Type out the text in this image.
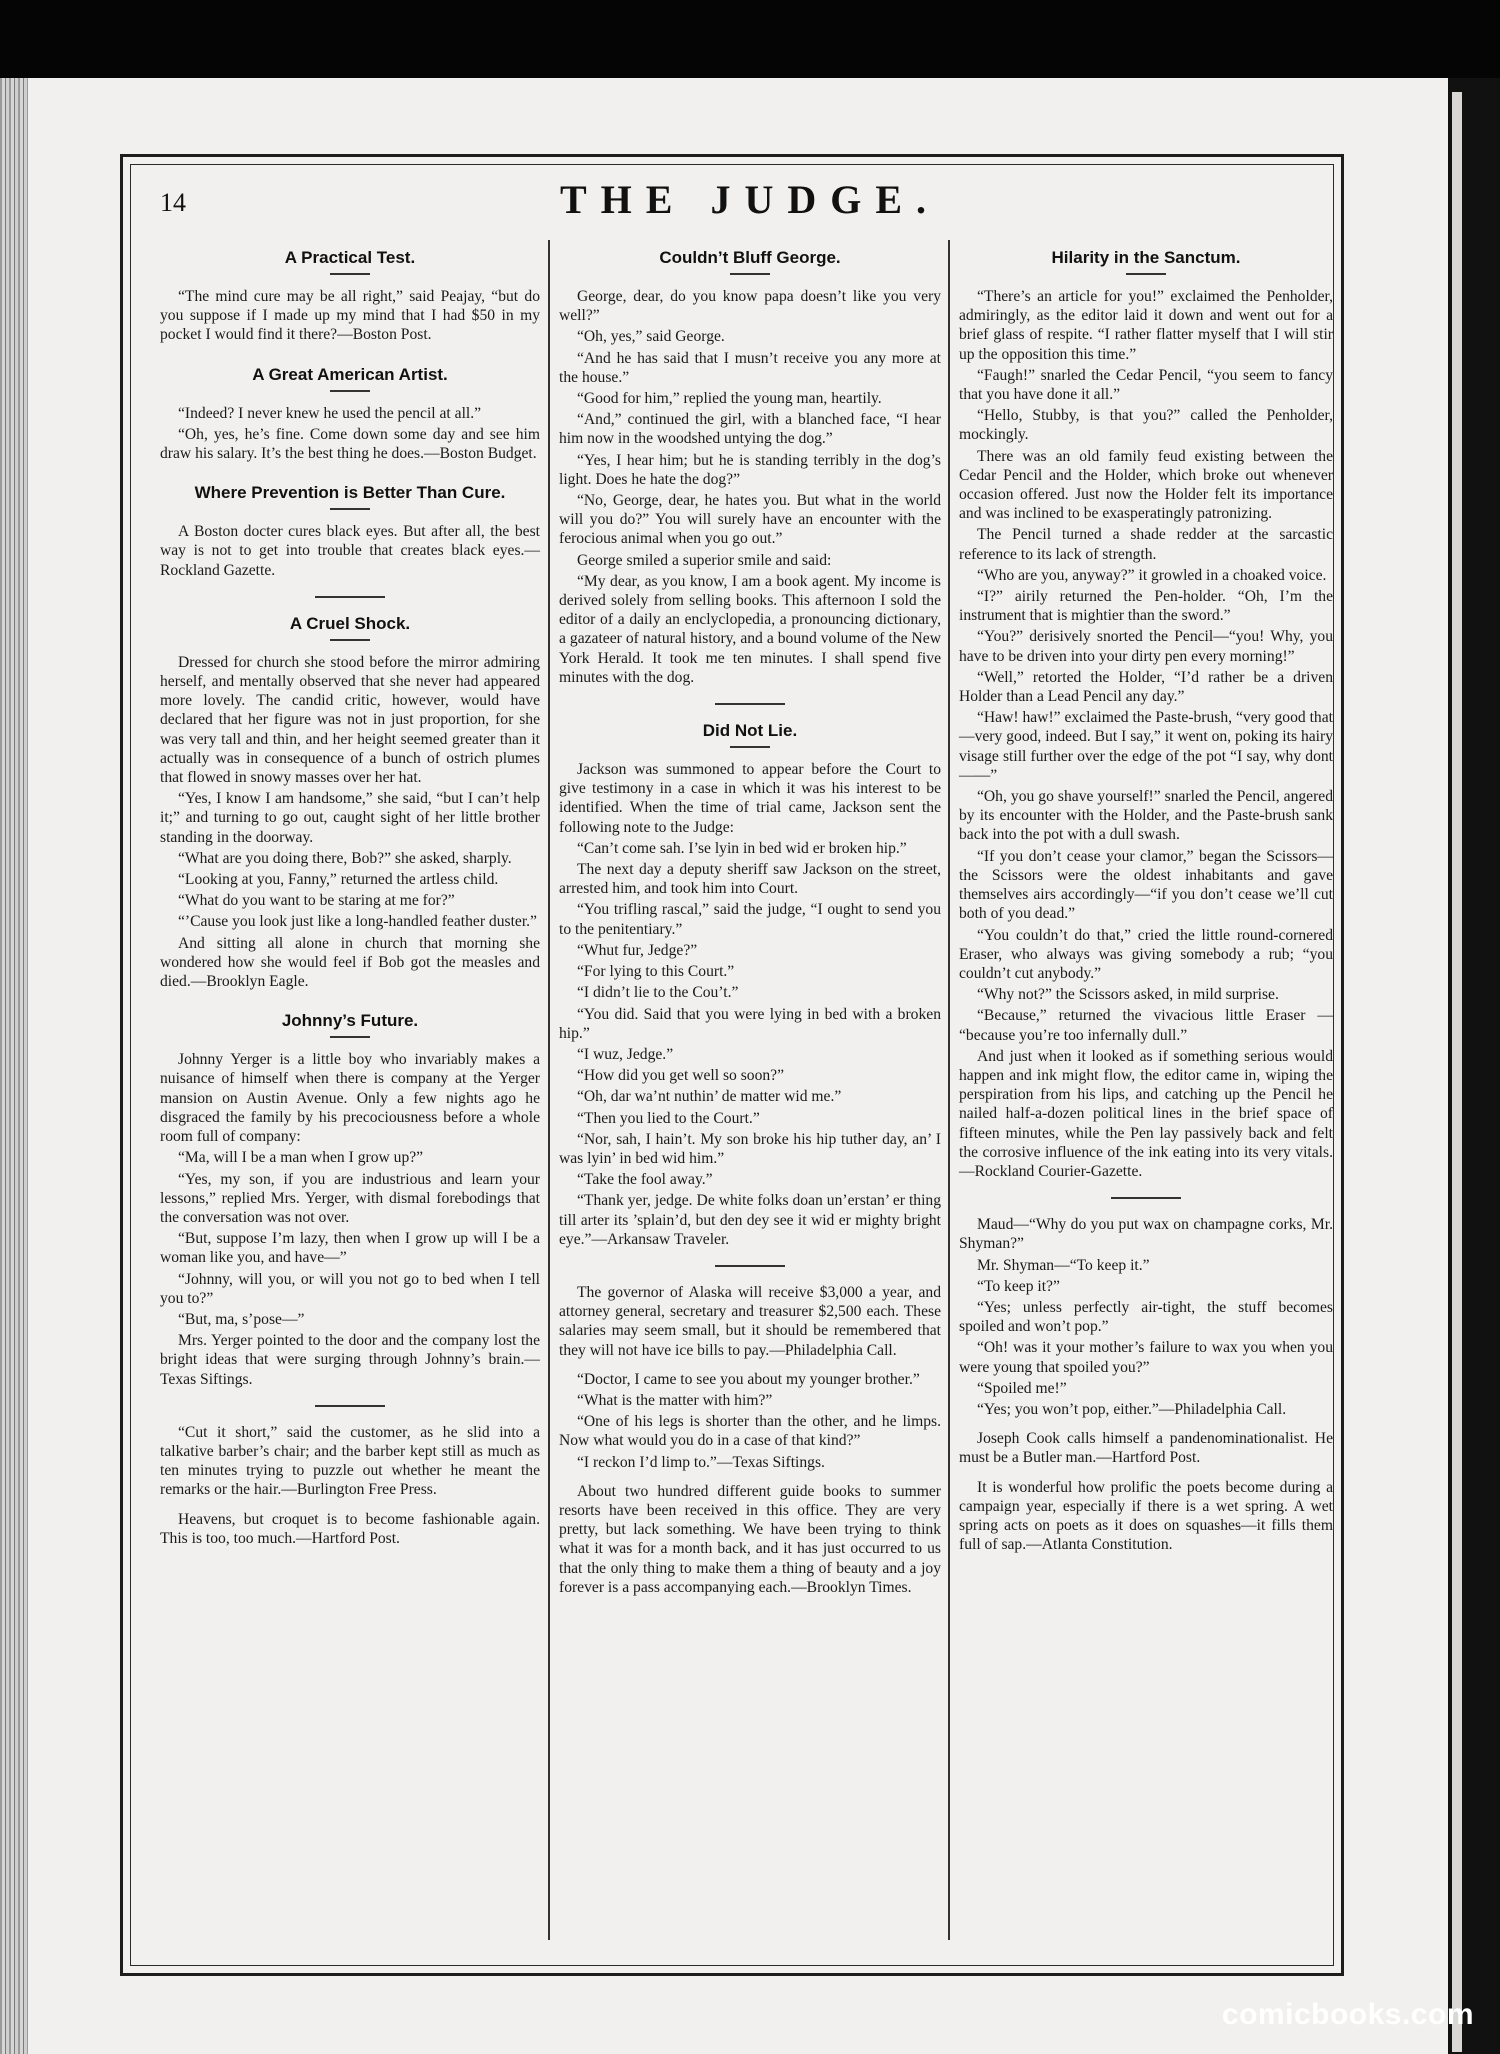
14	THE JUDGE.
A Practical Test.

“The mind cure may be all right,” said Peajay, “but do you suppose if I made up my mind that I had $50 in my pocket I would find it there?—Boston Post.

A Great American Artist.

“Indeed? I never knew he used the pencil at all.”

“Oh, yes, he’s fine. Come down some day and see him draw his salary. It’s the best thing he does.—Boston Budget.

Where Prevention is Better Than Cure.

A Boston docter cures black eyes. But after all, the best way is not to get into trouble that creates black eyes.—Rockland Gazette.

A Cruel Shock.

Dressed for church she stood before the mirror admiring herself, and mentally observed that she never had appeared more lovely. The candid critic, however, would have declared that her figure was not in just proportion, for she was very tall and thin, and her height seemed greater than it actually was in consequence of a bunch of ostrich plumes that flowed in snowy masses over her hat.

“Yes, I know I am handsome,” she said, “but I can’t help it;” and turning to go out, caught sight of her little brother standing in the doorway.

“What are you doing there, Bob?” she asked, sharply.

“Looking at you, Fanny,” returned the artless child.

“What do you want to be staring at me for?”

“’Cause you look just like a long-handled feather duster.”

And sitting all alone in church that morning she wondered how she would feel if Bob got the measles and died.—Brooklyn Eagle.

Johnny’s Future.

Johnny Yerger is a little boy who invariably makes a nuisance of himself when there is company at the Yerger mansion on Austin Avenue. Only a few nights ago he disgraced the family by his precociousness before a whole room full of company:

“Ma, will I be a man when I grow up?”

“Yes, my son, if you are industrious and learn your lessons,” replied Mrs. Yerger, with dismal forebodings that the conversation was not over.

“But, suppose I’m lazy, then when I grow up will I be a woman like you, and have—”

“Johnny, will you, or will you not go to bed when I tell you to?”

“But, ma, s’pose—”

Mrs. Yerger pointed to the door and the company lost the bright ideas that were surging through Johnny’s brain.—Texas Siftings.

“Cut it short,” said the customer, as he slid into a talkative barber’s chair; and the barber kept still as much as ten minutes trying to puzzle out whether he meant the remarks or the hair.—Burlington Free Press.

Heavens, but croquet is to become fashionable again. This is too, too much.—Hartford Post.

Couldn’t Bluff George.

George, dear, do you know papa doesn’t like you very well?”

“Oh, yes,” said George.

“And he has said that I musn’t receive you any more at the house.”

“Good for him,” replied the young man, heartily.

“And,” continued the girl, with a blanched face, “I hear him now in the woodshed untying the dog.”

“Yes, I hear him; but he is standing terribly in the dog’s light. Does he hate the dog?”

“No, George, dear, he hates you. But what in the world will you do?” You will surely have an encounter with the ferocious animal when you go out.”

George smiled a superior smile and said:

“My dear, as you know, I am a book agent. My income is derived solely from selling books. This afternoon I sold the editor of a daily an enclyclopedia, a pronouncing dictionary, a gazateer of natural history, and a bound volume of the New York Herald. It took me ten minutes. I shall spend five minutes with the dog.

Did Not Lie.

Jackson was summoned to appear before the Court to give testimony in a case in which it was his interest to be identified. When the time of trial came, Jackson sent the following note to the Judge:

“Can’t come sah. I’se lyin in bed wid er broken hip.”

The next day a deputy sheriff saw Jackson on the street, arrested him, and took him into Court.

“You trifling rascal,” said the judge, “I ought to send you to the penitentiary.”

“Whut fur, Jedge?”

“For lying to this Court.”

“I didn’t lie to the Cou’t.”

“You did. Said that you were lying in bed with a broken hip.”

“I wuz, Jedge.”

“How did you get well so soon?”

“Oh, dar wa’nt nuthin’ de matter wid me.”

“Then you lied to the Court.”

“Nor, sah, I hain’t. My son broke his hip tuther day, an’ I was lyin’ in bed wid him.”

“Take the fool away.”

“Thank yer, jedge. De white folks doan un’erstan’ er thing till arter its ’splain’d, but den dey see it wid er mighty bright eye.”—Arkansaw Traveler.

The governor of Alaska will receive $3,000 a year, and attorney general, secretary and treasurer $2,500 each. These salaries may seem small, but it should be remembered that they will not have ice bills to pay.—Philadelphia Call.

“Doctor, I came to see you about my younger brother.”

“What is the matter with him?”

“One of his legs is shorter than the other, and he limps. Now what would you do in a case of that kind?”

“I reckon I’d limp to.”—Texas Siftings.

About two hundred different guide books to summer resorts have been received in this office. They are very pretty, but lack something. We have been trying to think what it was for a month back, and it has just occurred to us that the only thing to make them a thing of beauty and a joy forever is a pass accompanying each.—Brooklyn Times.

Hilarity in the Sanctum.

“There’s an article for you!” exclaimed the Penholder, admiringly, as the editor laid it down and went out for a brief glass of respite. “I rather flatter myself that I will stir up the opposition this time.”

“Faugh!” snarled the Cedar Pencil, “you seem to fancy that you have done it all.”

“Hello, Stubby, is that you?” called the Penholder, mockingly.

There was an old family feud existing between the Cedar Pencil and the Holder, which broke out whenever occasion offered. Just now the Holder felt its importance and was inclined to be exasperatingly patronizing.

The Pencil turned a shade redder at the sarcastic reference to its lack of strength.

“Who are you, anyway?” it growled in a choaked voice.

“I?” airily returned the Pen-holder. “Oh, I’m the instrument that is mightier than the sword.”

“You?” derisively snorted the Pencil—“you! Why, you have to be driven into your dirty pen every morning!”

“Well,” retorted the Holder, “I’d rather be a driven Holder than a Lead Pencil any day.”

“Haw! haw!” exclaimed the Paste-brush, “very good that—very good, indeed. But I say,” it went on, poking its hairy visage still further over the edge of the pot “I say, why dont——”

“Oh, you go shave yourself!” snarled the Pencil, angered by its encounter with the Holder, and the Paste-brush sank back into the pot with a dull swash.

“If you don’t cease your clamor,” began the Scissors—the Scissors were the oldest inhabitants and gave themselves airs accordingly—“if you don’t cease we’ll cut both of you dead.”

“You couldn’t do that,” cried the little round-cornered Eraser, who always was giving somebody a rub; “you couldn’t cut anybody.”

“Why not?” the Scissors asked, in mild surprise.

“Because,” returned the vivacious little Eraser — “because you’re too infernally dull.”

And just when it looked as if something serious would happen and ink might flow, the editor came in, wiping the perspiration from his lips, and catching up the Pencil he nailed half-a-dozen political lines in the brief space of fifteen minutes, while the Pen lay passively back and felt the corrosive influence of the ink eating into its very vitals.—Rockland Courier-Gazette.

Maud—“Why do you put wax on champagne corks, Mr. Shyman?”

Mr. Shyman—“To keep it.”

“To keep it?”

“Yes; unless perfectly air-tight, the stuff becomes spoiled and won’t pop.”

“Oh! was it your mother’s failure to wax you when you were young that spoiled you?”

“Spoiled me!”

“Yes; you won’t pop, either.”—Philadelphia Call.

Joseph Cook calls himself a pandenominationalist. He must be a Butler man.—Hartford Post.

It is wonderful how prolific the poets become during a campaign year, especially if there is a wet spring. A wet spring acts on poets as it does on squashes—it fills them full of sap.—Atlanta Constitution.

comicbooks.com
